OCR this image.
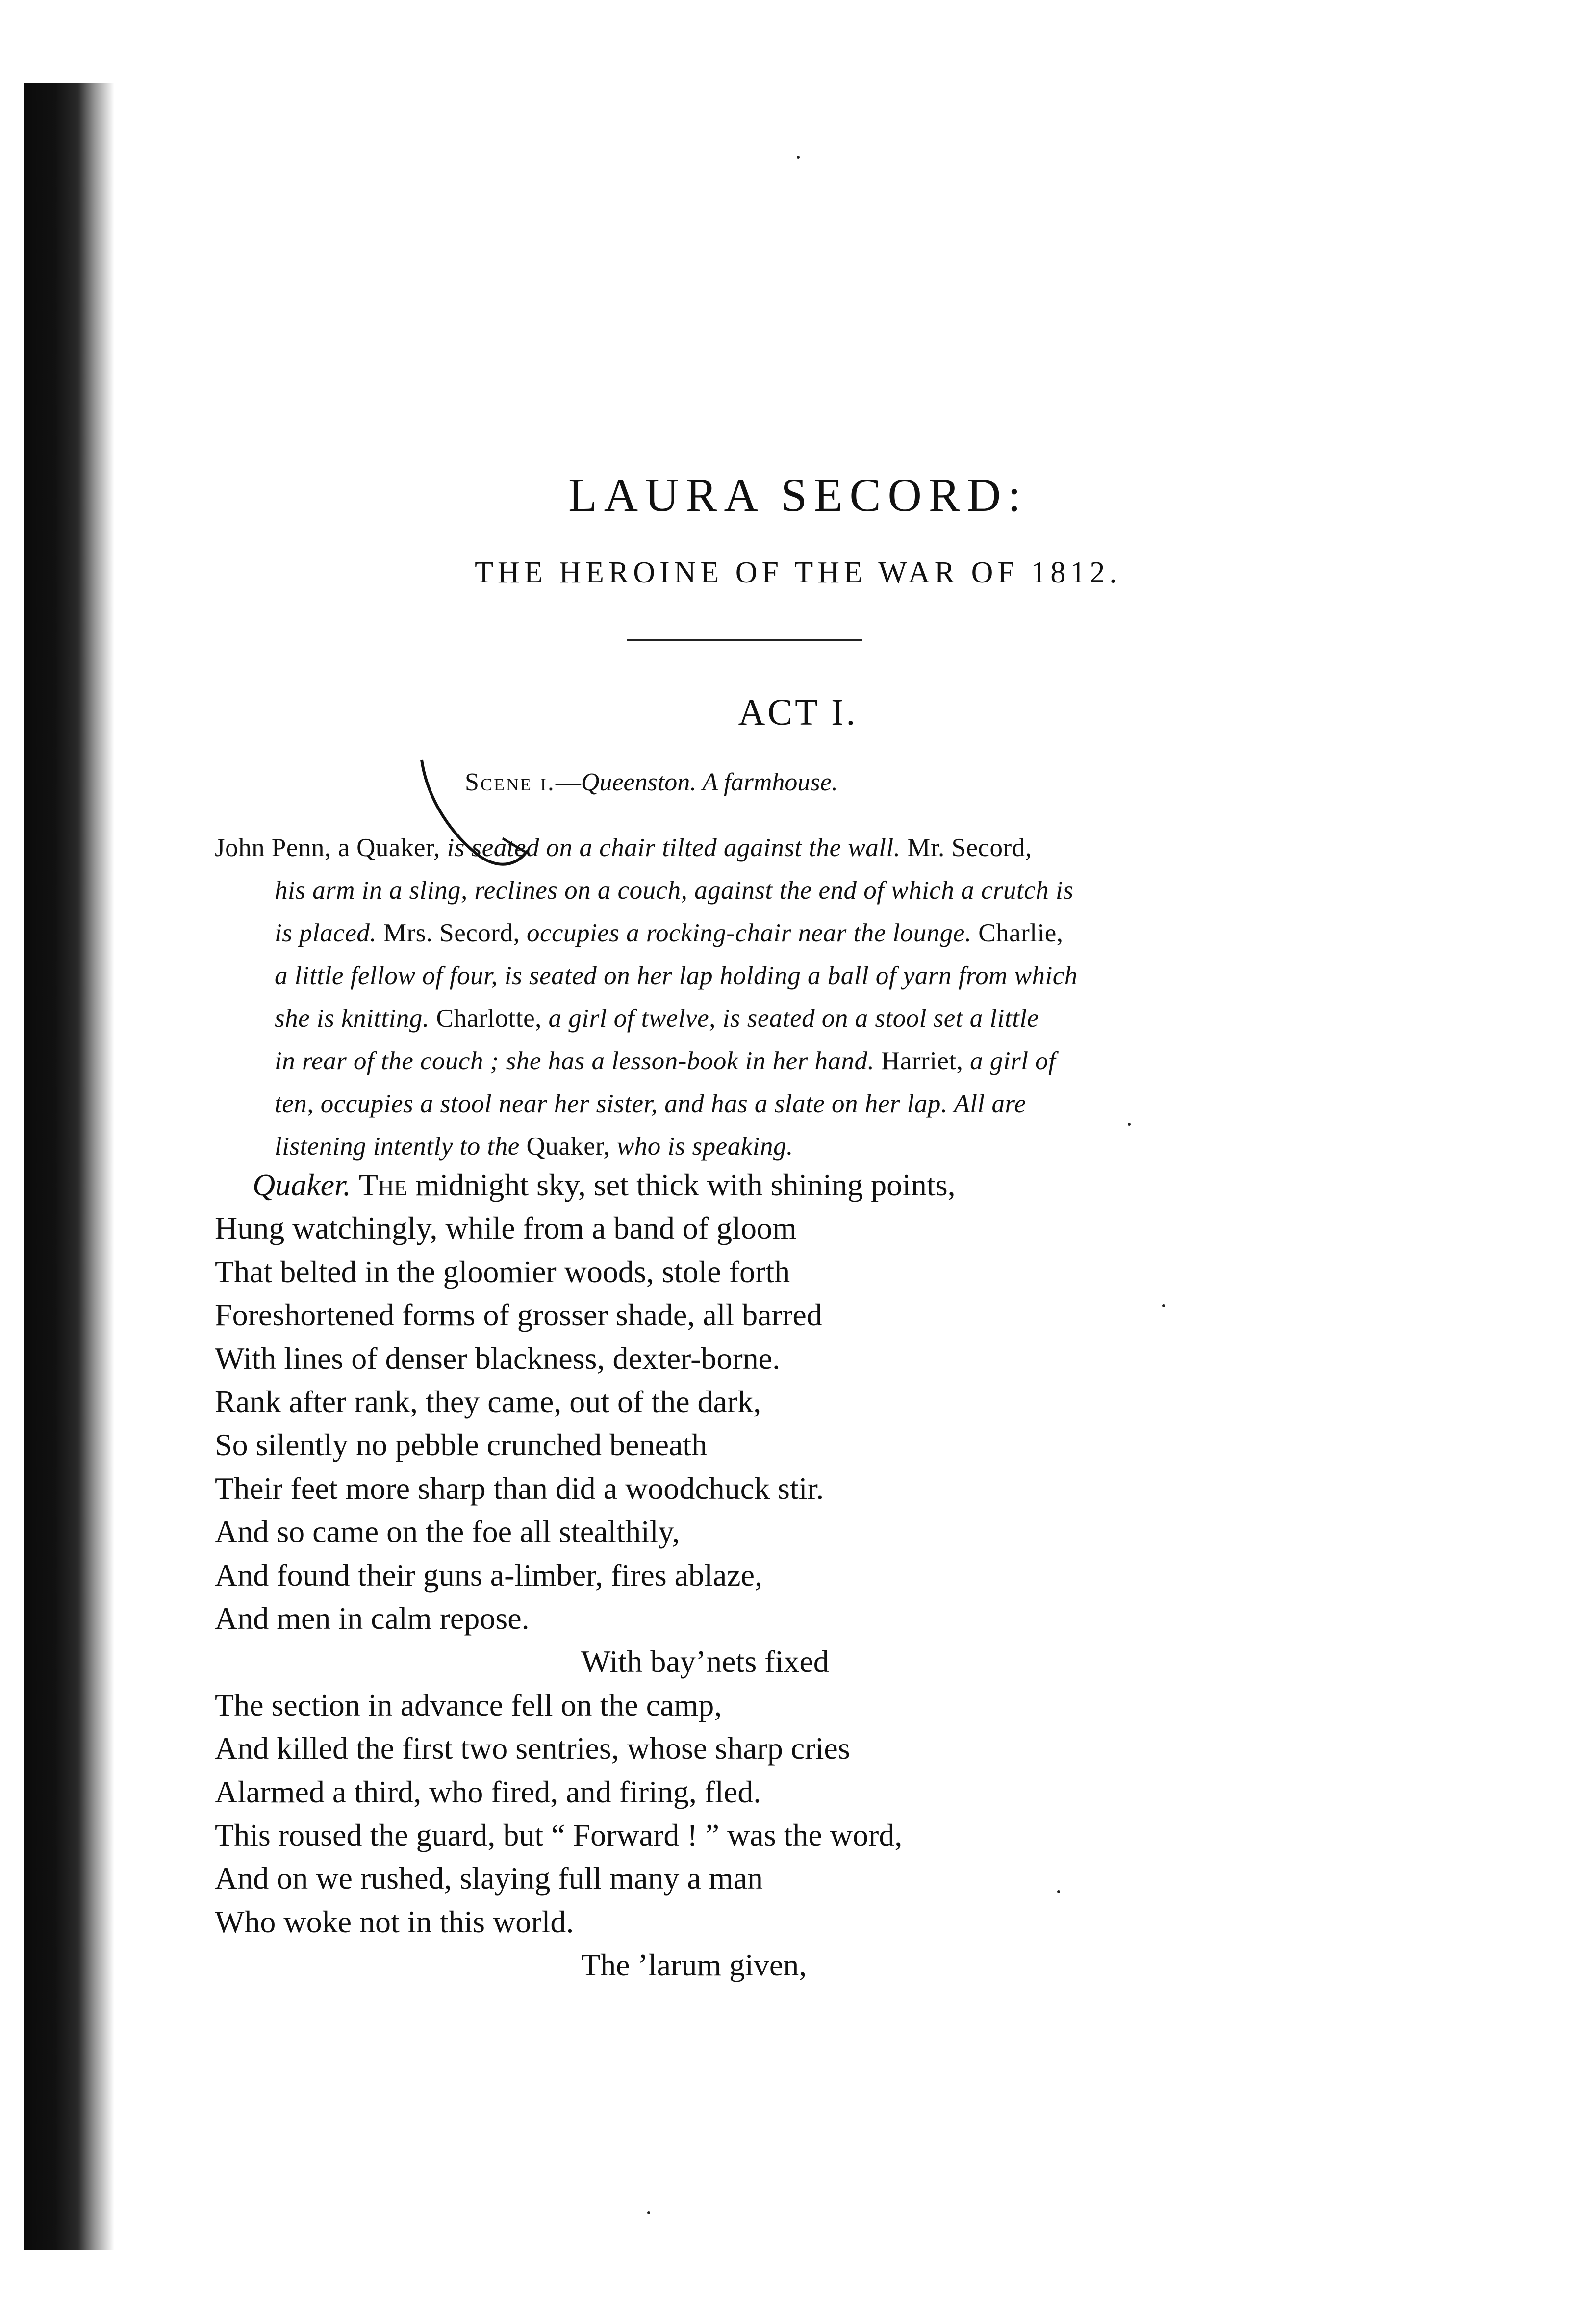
LAURA SECORD:
THE HEROINE OF THE WAR OF 1812.
ACT I.
Scene i.—Queenston. A farmhouse.
John Penn, a Quaker, is seated on a chair tilted against the wall. Mr. Secord,
his arm in a sling, reclines on a couch, against the end of which a crutch is
is placed. Mrs. Secord, occupies a rocking-chair near the lounge. Charlie,
a little fellow of four, is seated on her lap holding a ball of yarn from which
she is knitting. Charlotte, a girl of twelve, is seated on a stool set a little
in rear of the couch ; she has a lesson-book in her hand. Harriet, a girl of
ten, occupies a stool near her sister, and has a slate on her lap. All are
listening intently to the Quaker, who is speaking.
Quaker. The midnight sky, set thick with shining points,
Hung watchingly, while from a band of gloom
That belted in the gloomier woods, stole forth
Foreshortened forms of grosser shade, all barred
With lines of denser blackness, dexter-borne.
Rank after rank, they came, out of the dark,
So silently no pebble crunched beneath
Their feet more sharp than did a woodchuck stir.
And so came on the foe all stealthily,
And found their guns a-limber, fires ablaze,
And men in calm repose.
With bay’nets fixed
The section in advance fell on the camp,
And killed the first two sentries, whose sharp cries
Alarmed a third, who fired, and firing, fled.
This roused the guard, but “ Forward ! ” was the word,
And on we rushed, slaying full many a man
Who woke not in this world.
The ’larum given,
